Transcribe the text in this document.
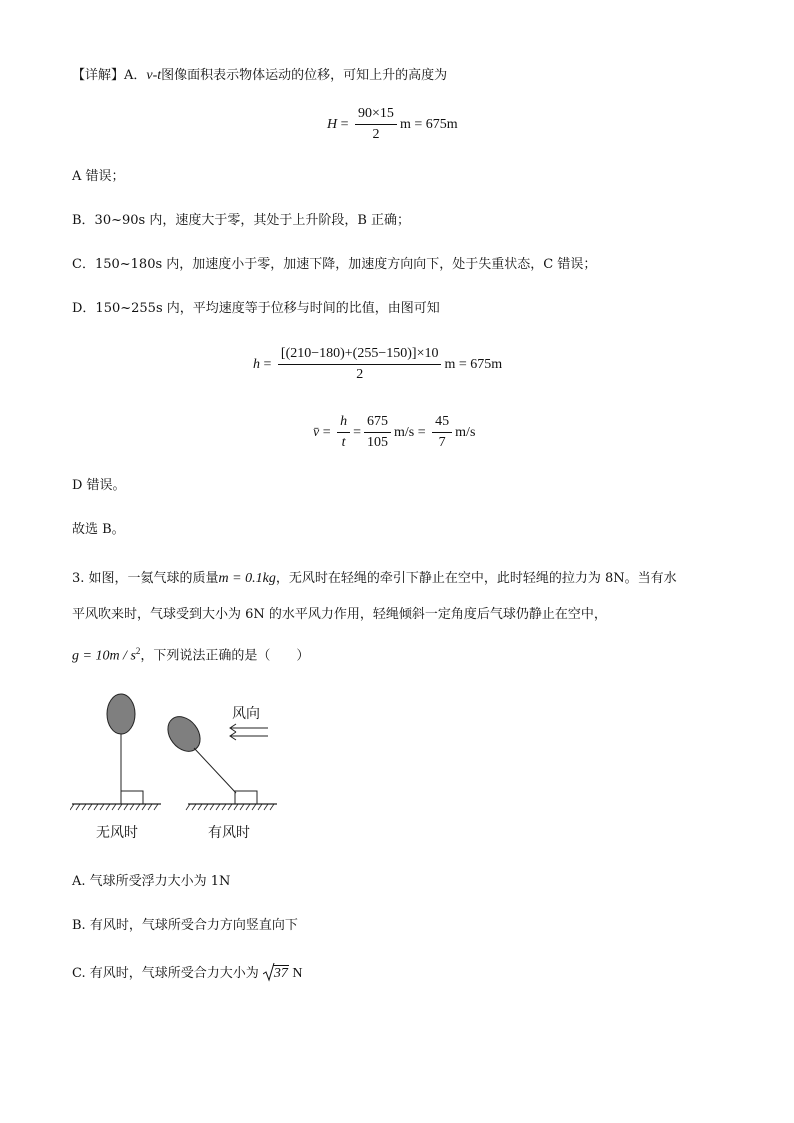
【详解】A．v-t图像面积表示物体运动的位移，可知上升的高度为
$H = \frac{90\times 15}{2}$ m = 675m
A 错误；
B．30~90s 内，速度大于零，其处于上升阶段，B 正确；
C．150~180s 内，加速度小于零，加速下降，加速度方向向下，处于失重状态，C 错误；
D．150~255s 内，平均速度等于位移与时间的比值，由图可知
$h = \frac{[(210-180)+(255-150)]\times 10}{2}$ m = 675m
v̄ = $\frac{h}{t} = \frac{675}{105} m/s = \frac{45}{7} m/s$
D 错误。
故选 B。
3. 如图，一氦气球的质量m = 0.1kg，无风时在轻绳的牵引下静止在空中，此时轻绳的拉力为 8N。当有水
平风吹来时，气球受到大小为 6N 的水平风力作用，轻绳倾斜一定角度后气球仍静止在空中，
$g = 10m / s^2$，下列说法正确的是（　　）
风向
无风时	有风时
A. 气球所受浮力大小为 1N
B. 有风时，气球所受合力方向竖直向下
C. 有风时，气球所受合力大小为
37 N
